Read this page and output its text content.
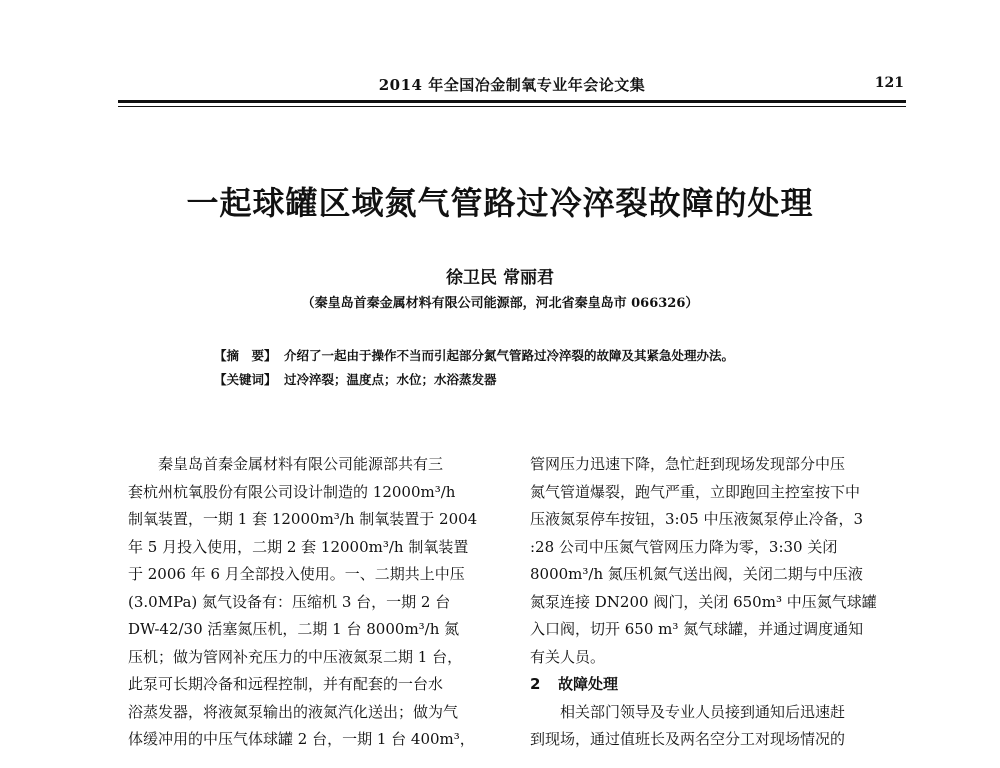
2014 年全国冶金制氧专业年会论文集	121
一起球罐区域氮气管路过冷淬裂故障的处理
徐卫民 常丽君
（秦皇岛首秦金属材料有限公司能源部，河北省秦皇岛市 066326）
【摘　要】 介绍了一起由于操作不当而引起部分氮气管路过冷淬裂的故障及其紧急处理办法。
【关键词】 过冷淬裂；温度点；水位；水浴蒸发器
秦皇岛首秦金属材料有限公司能源部共有三
套杭州杭氧股份有限公司设计制造的 12000m³/h
制氧装置，一期 1 套 12000m³/h 制氧装置于 2004
年 5 月投入使用，二期 2 套 12000m³/h 制氧装置
于 2006 年 6 月全部投入使用。一、二期共上中压
(3.0MPa) 氮气设备有：压缩机 3 台，一期 2 台
DW-42/30 活塞氮压机，二期 1 台 8000m³/h 氮
压机；做为管网补充压力的中压液氮泵二期 1 台，
此泵可长期冷备和远程控制，并有配套的一台水
浴蒸发器，将液氮泵输出的液氮汽化送出；做为气
体缓冲用的中压气体球罐 2 台，一期 1 台 400m³，
管网压力迅速下降，急忙赶到现场发现部分中压
氮气管道爆裂，跑气严重，立即跑回主控室按下中
压液氮泵停车按钮，3:05 中压液氮泵停止冷备，3
:28 公司中压氮气管网压力降为零，3:30 关闭
8000m³/h 氮压机氮气送出阀，关闭二期与中压液
氮泵连接 DN200 阀门，关闭 650m³ 中压氮气球罐
入口阀，切开 650 m³ 氮气球罐，并通过调度通知
有关人员。
2 故障处理
相关部门领导及专业人员接到通知后迅速赶
到现场，通过值班长及两名空分工对现场情况的
